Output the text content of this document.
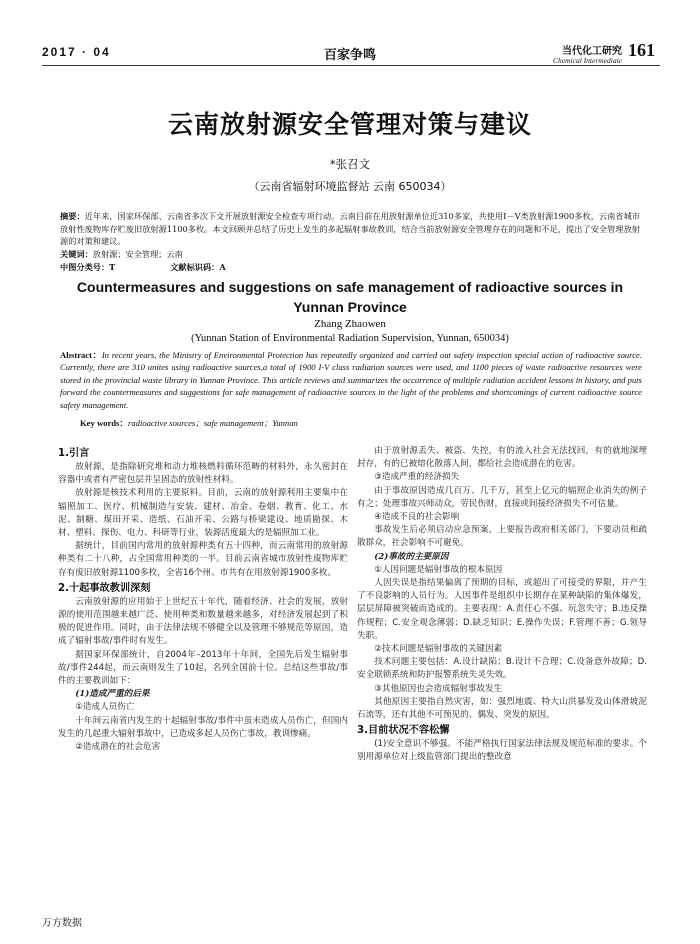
2017 · 04	百家争鸣	当代化工研究
Chemical Intermediate
161
云南放射源安全管理对策与建议
*张召文
（云南省辐射环境监督站 云南 650034）
摘要：近年来，国家环保部、云南省多次下文开展放射源安全检查专项行动。云南目前在用放射源单位近310多家，共使用Ⅰ－Ⅴ类放射源1900多枚，云南省城市放射性废物库存贮废旧放射源1100多枚。本文回顾并总结了历史上发生的多起辐射事故教训，结合当前放射源安全管理存在的问题和不足，提出了安全管理放射源的对策和建议。
关键词：放射源；安全管理；云南
中图分类号：T	文献标识码：A
Countermeasures and suggestions on safe management of radioactive sources in Yunnan Province
Zhang Zhaowen
(Yunnan Station of Environmental Radiation Supervision, Yunnan, 650034)
Abstract：In recent years, the Ministry of Environmental Protection has repeatedly organized and carried out safety inspection special action of radioactive source. Currently, there are 310 unites using radioactive sources,a total of 1900 I-V class radiation sources were used, and 1100 pieces of waste radioactive resources were stored in the provincial waste library in Yunnan Province. This article reviews and summarizes the occurrence of multiple radiation accident lessons in history, and puts forward the countermeasures and suggestions for safe management of radioactive sources in the light of the problems and shortcomings of current radioactive source safety management.
Key words：radioactive sources；safe management；Yunnan
1.引言

放射源，是指除研究堆和动力堆核燃料循环范畴的材料外，永久密封在容器中或者有严密包层并呈固态的放射性材料。

放射源是核技术利用的主要原料。目前，云南的放射源利用主要集中在辐照加工、医疗、机械制造与安装、建材、冶金、卷烟、教育、化工、水泥、制糖、煤田开采、造纸、石油开采、公路与桥梁建设、地质勘探、木材、塑料、探伤、电力、科研等行业，装源活度最大的是辐照加工业。

据统计，目前国内常用的放射源种类有五十四种，而云南常用的放射源种类有二十八种，占全国常用种类的一半。目前云南省城市放射性废物库贮存有废旧放射源1100多枚，全省16个州、市共有在用放射源1900多枚。

2.十起事故教训深刻

云南放射源的应用始于上世纪五十年代，随着经济、社会的发展，放射源的使用范围越来越广泛、使用种类和数量越来越多，对经济发展起到了积极的促进作用。同时，由于法律法规不够健全以及管理不够规范等原因，造成了辐射事故/事件时有发生。

据国家环保部统计，自2004年–2013年十年间，全国先后发生辐射事故/事件244起，而云南则发生了10起，名列全国前十位。总结这些事故/事件的主要教训如下：

(1)造成严重的后果

①造成人员伤亡

十年间云南省内发生的十起辐射事故/事件中虽未造成人员伤亡，但国内发生的几起重大辐射事故中，已造成多起人员伤亡事故，教训惨痛。

②造成潜在的社会危害

由于放射源丢失、被盗、失控，有的流入社会无法找回，有的就地深埋封存，有的已被熔化散落人间，都给社会造成潜在的危害。

③造成严重的经济损失

由于事故原因造成几百万、几千万，甚至上亿元的辐照企业消失的例子有之；处理事故兴师动众，劳民伤财，直接或间接经济损失不可估量。

④造成不良的社会影响

事故发生后必须启动应急预案，上要报告政府相关部门，下要动员和疏散群众，社会影响不可避免。

(2)事故的主要原因

①人因问题是辐射事故的根本原因

人因失误是指结果偏离了预期的目标，或超出了可接受的界限，并产生了不良影响的人员行为。人因事件是组织中长期存在某种缺陷的集体爆发，层层屏障被突破而造成的。主要表现：A.责任心不强、玩忽失守；B.违反操作规程；C.安全观念薄弱；D.缺乏知识；E.操作失误；F.管理不善；G.领导失职。

②技术问题是辐射事故的关键因素

技术问题主要包括：A.设计缺陷；B.设计不合理；C.设备意外故障；D.安全联锁系统和防护报警系统失灵失效。

③其他原因也会造成辐射事故发生

其他原因主要指自然灾害，如：强烈地震、特大山洪暴发及山体滑坡泥石流等，还有其他不可预见的、偶发、突发的原因。

3.目前状况不容松懈

(1)安全意识不够强。不能严格执行国家法律法规及规范标准的要求。个别用源单位对上级监管部门提出的整改意

万方数据
